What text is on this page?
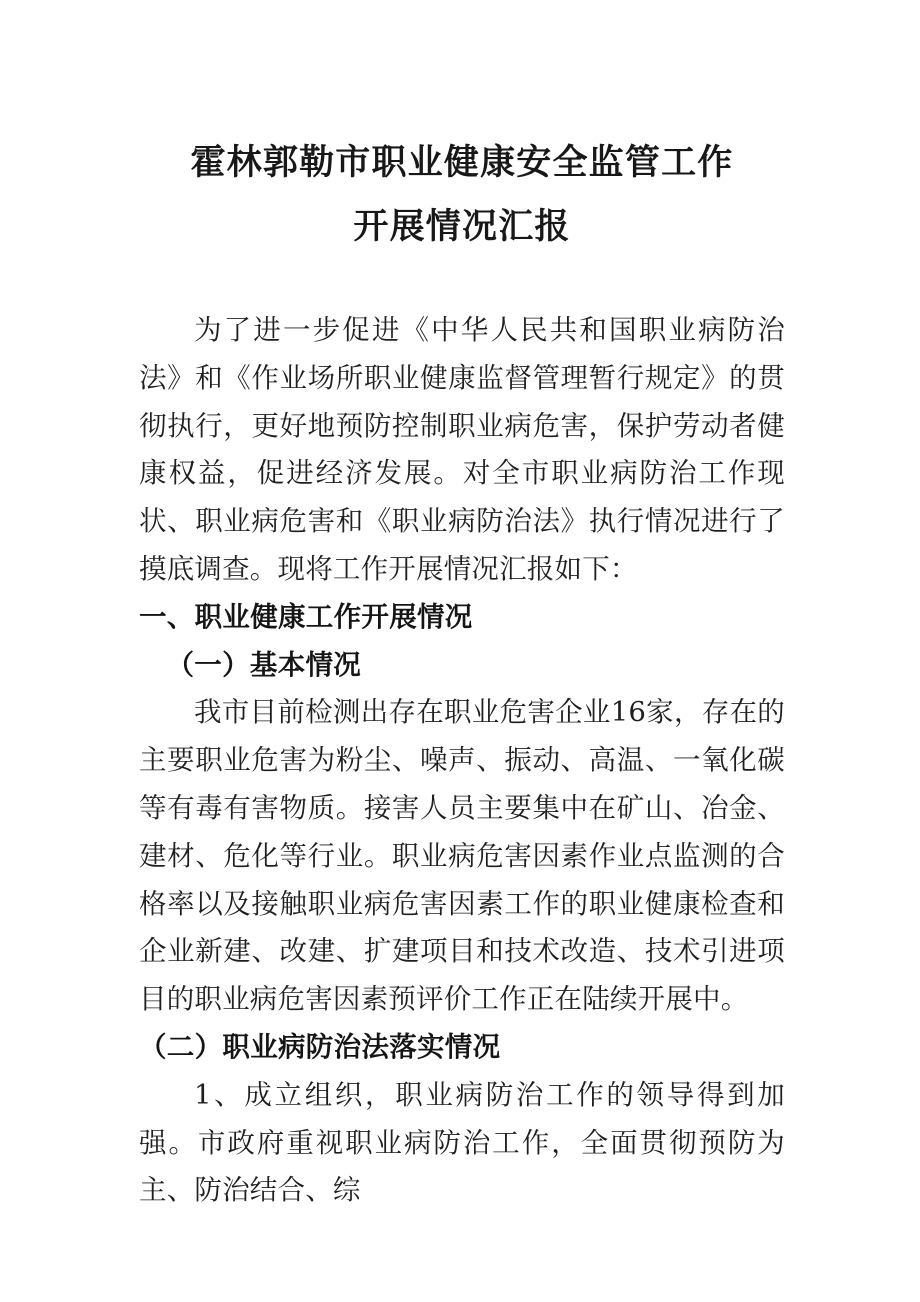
霍林郭勒市职业健康安全监管工作
开展情况汇报

为了进一步促进《中华人民共和国职业病防治法》和《作业场所职业健康监督管理暂行规定》的贯彻执行，更好地预防控制职业病危害，保护劳动者健康权益，促进经济发展。对全市职业病防治工作现状、职业病危害和《职业病防治法》执行情况进行了摸底调查。现将工作开展情况汇报如下：

一、职业健康工作开展情况

（一）基本情况

我市目前检测出存在职业危害企业16家，存在的主要职业危害为粉尘、噪声、振动、高温、一氧化碳等有毒有害物质。接害人员主要集中在矿山、冶金、建材、危化等行业。职业病危害因素作业点监测的合格率以及接触职业病危害因素工作的职业健康检查和企业新建、改建、扩建项目和技术改造、技术引进项目的职业病危害因素预评价工作正在陆续开展中。

（二）职业病防治法落实情况

1、成立组织，职业病防治工作的领导得到加强。市政府重视职业病防治工作，全面贯彻预防为主、防治结合、综
